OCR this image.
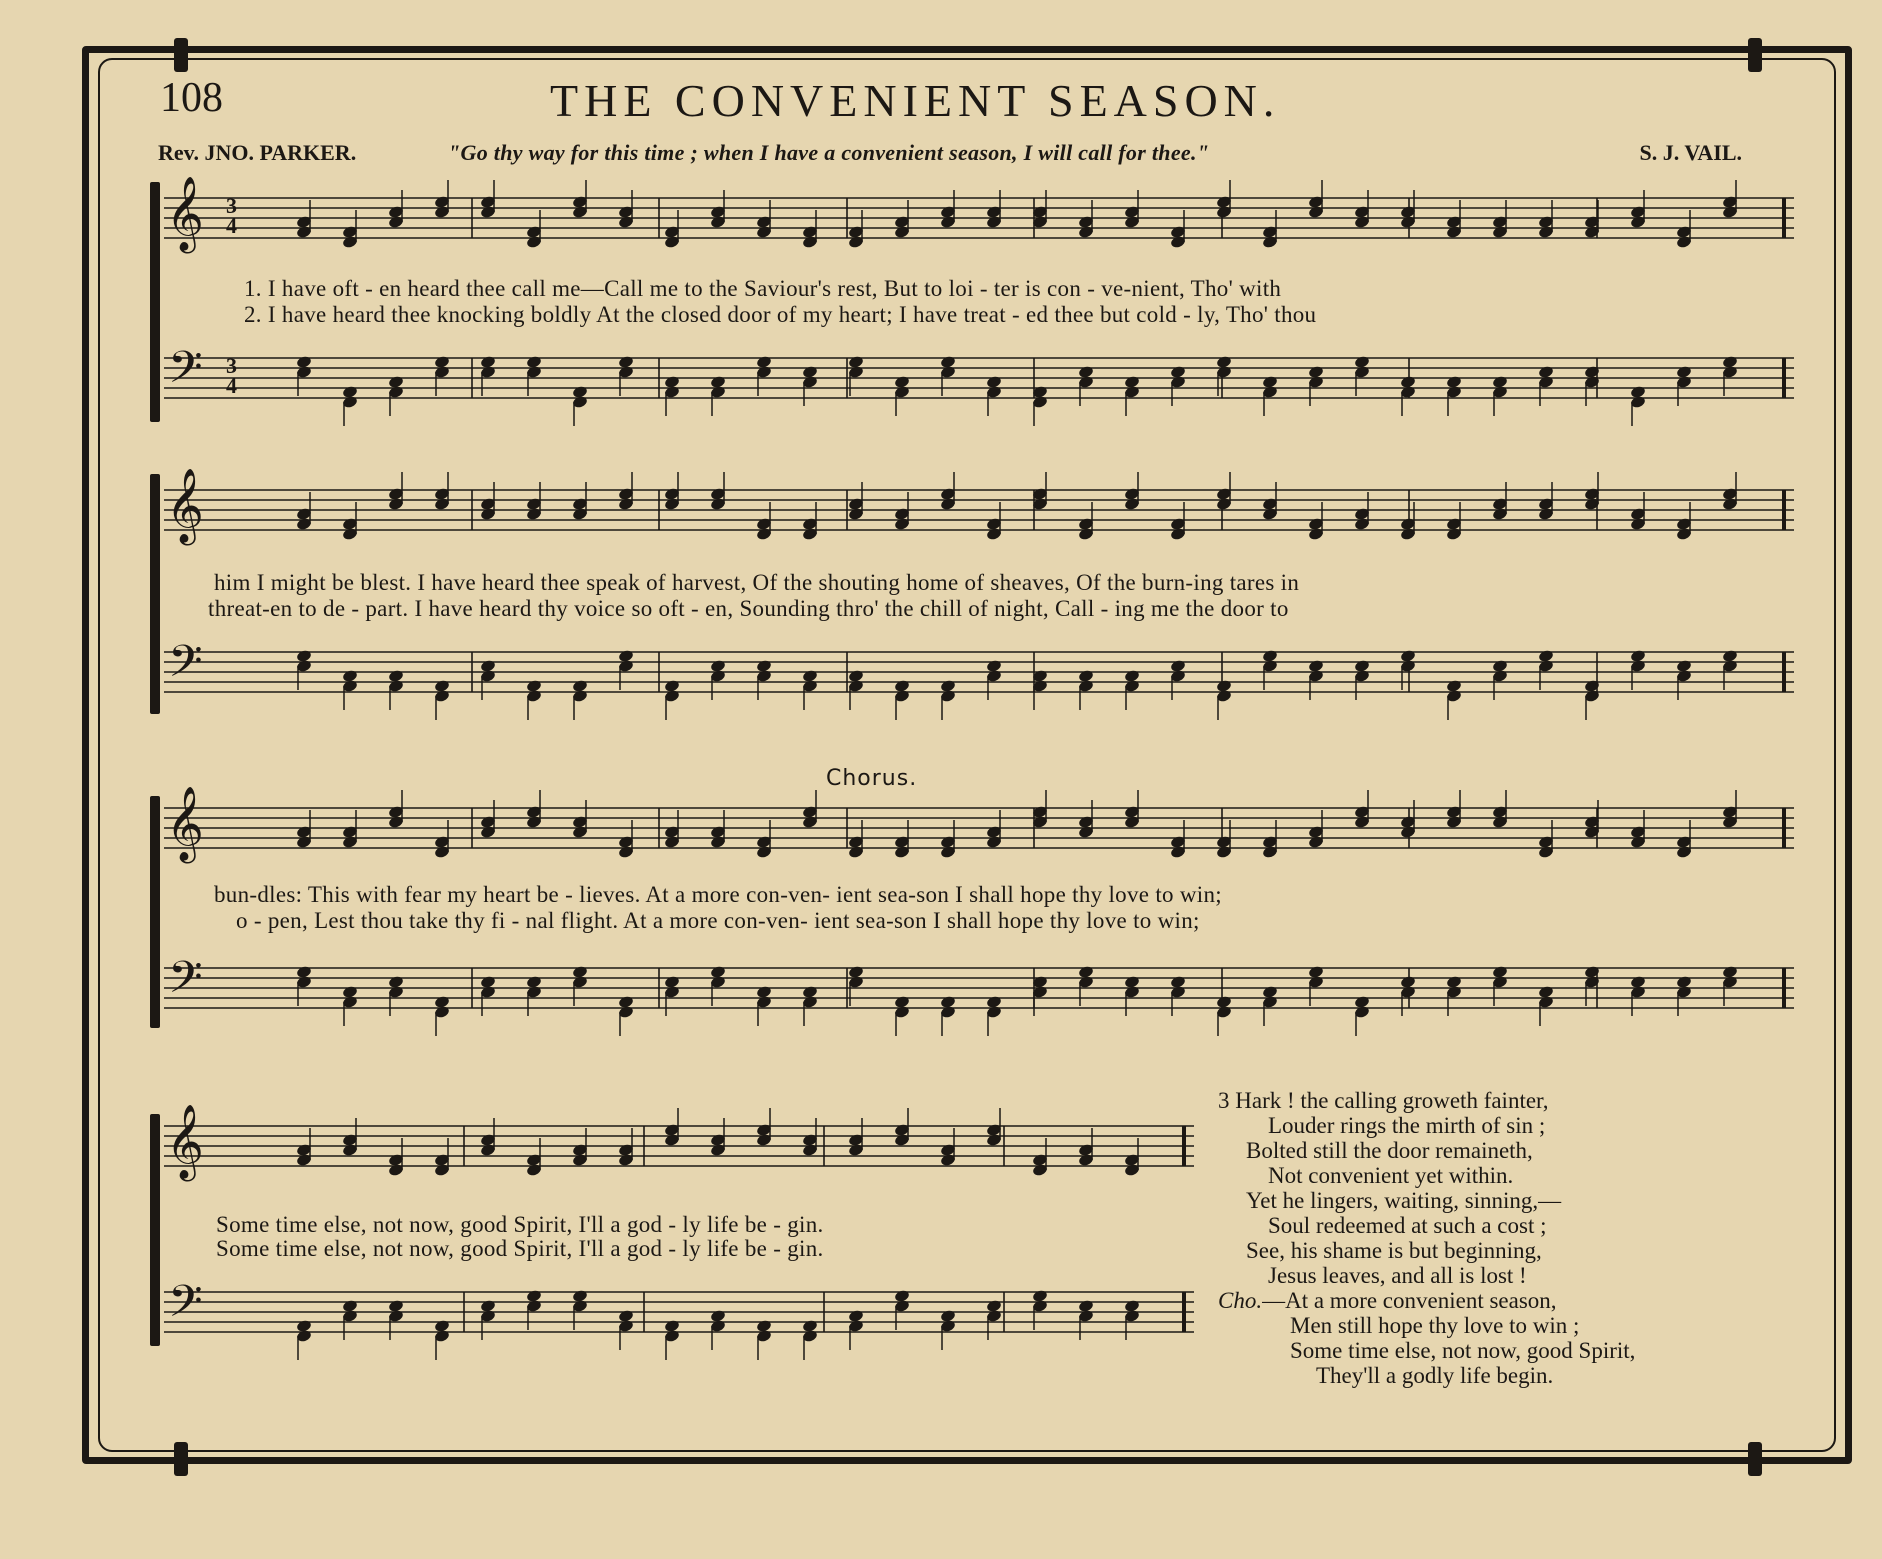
108	THE CONVENIENT SEASON.
Rev. JNO. PARKER.	"Go thy way for this time ; when I have a convenient season, I will call for thee."	S. J. VAIL.
𝄞 3
4
1. I have oft - en heard thee call me—Call me to the Saviour's rest, But to loi - ter is con - ve-nient, Tho' with
2. I have heard thee knocking boldly At the closed door of my heart; I have treat - ed thee but cold - ly, Tho' thou
𝄢 3
4
𝄞
him I might be blest. I have heard thee speak of harvest, Of the shouting home of sheaves, Of the burn-ing tares in
threat-en to de - part. I have heard thy voice so oft - en, Sounding thro' the chill of night, Call - ing me the door to
𝄢
Chorus.
𝄞
bun-dles: This with fear my heart be - lieves. At a more con-ven- ient sea-son I shall hope thy love to win;
o - pen, Lest thou take thy fi - nal flight. At a more con-ven- ient sea-son I shall hope thy love to win;
𝄢
𝄞
Some time else, not now, good Spirit, I'll a god - ly life be - gin.
Some time else, not now, good Spirit, I'll a god - ly life be - gin.
𝄢
3 Hark ! the calling groweth fainter,
Louder rings the mirth of sin ;
Bolted still the door remaineth,
Not convenient yet within.
Yet he lingers, waiting, sinning,—
Soul redeemed at such a cost ;
See, his shame is but beginning,
Jesus leaves, and all is lost !
Cho.—At a more convenient season,
Men still hope thy love to win ;
Some time else, not now, good Spirit,
They'll a godly life begin.
